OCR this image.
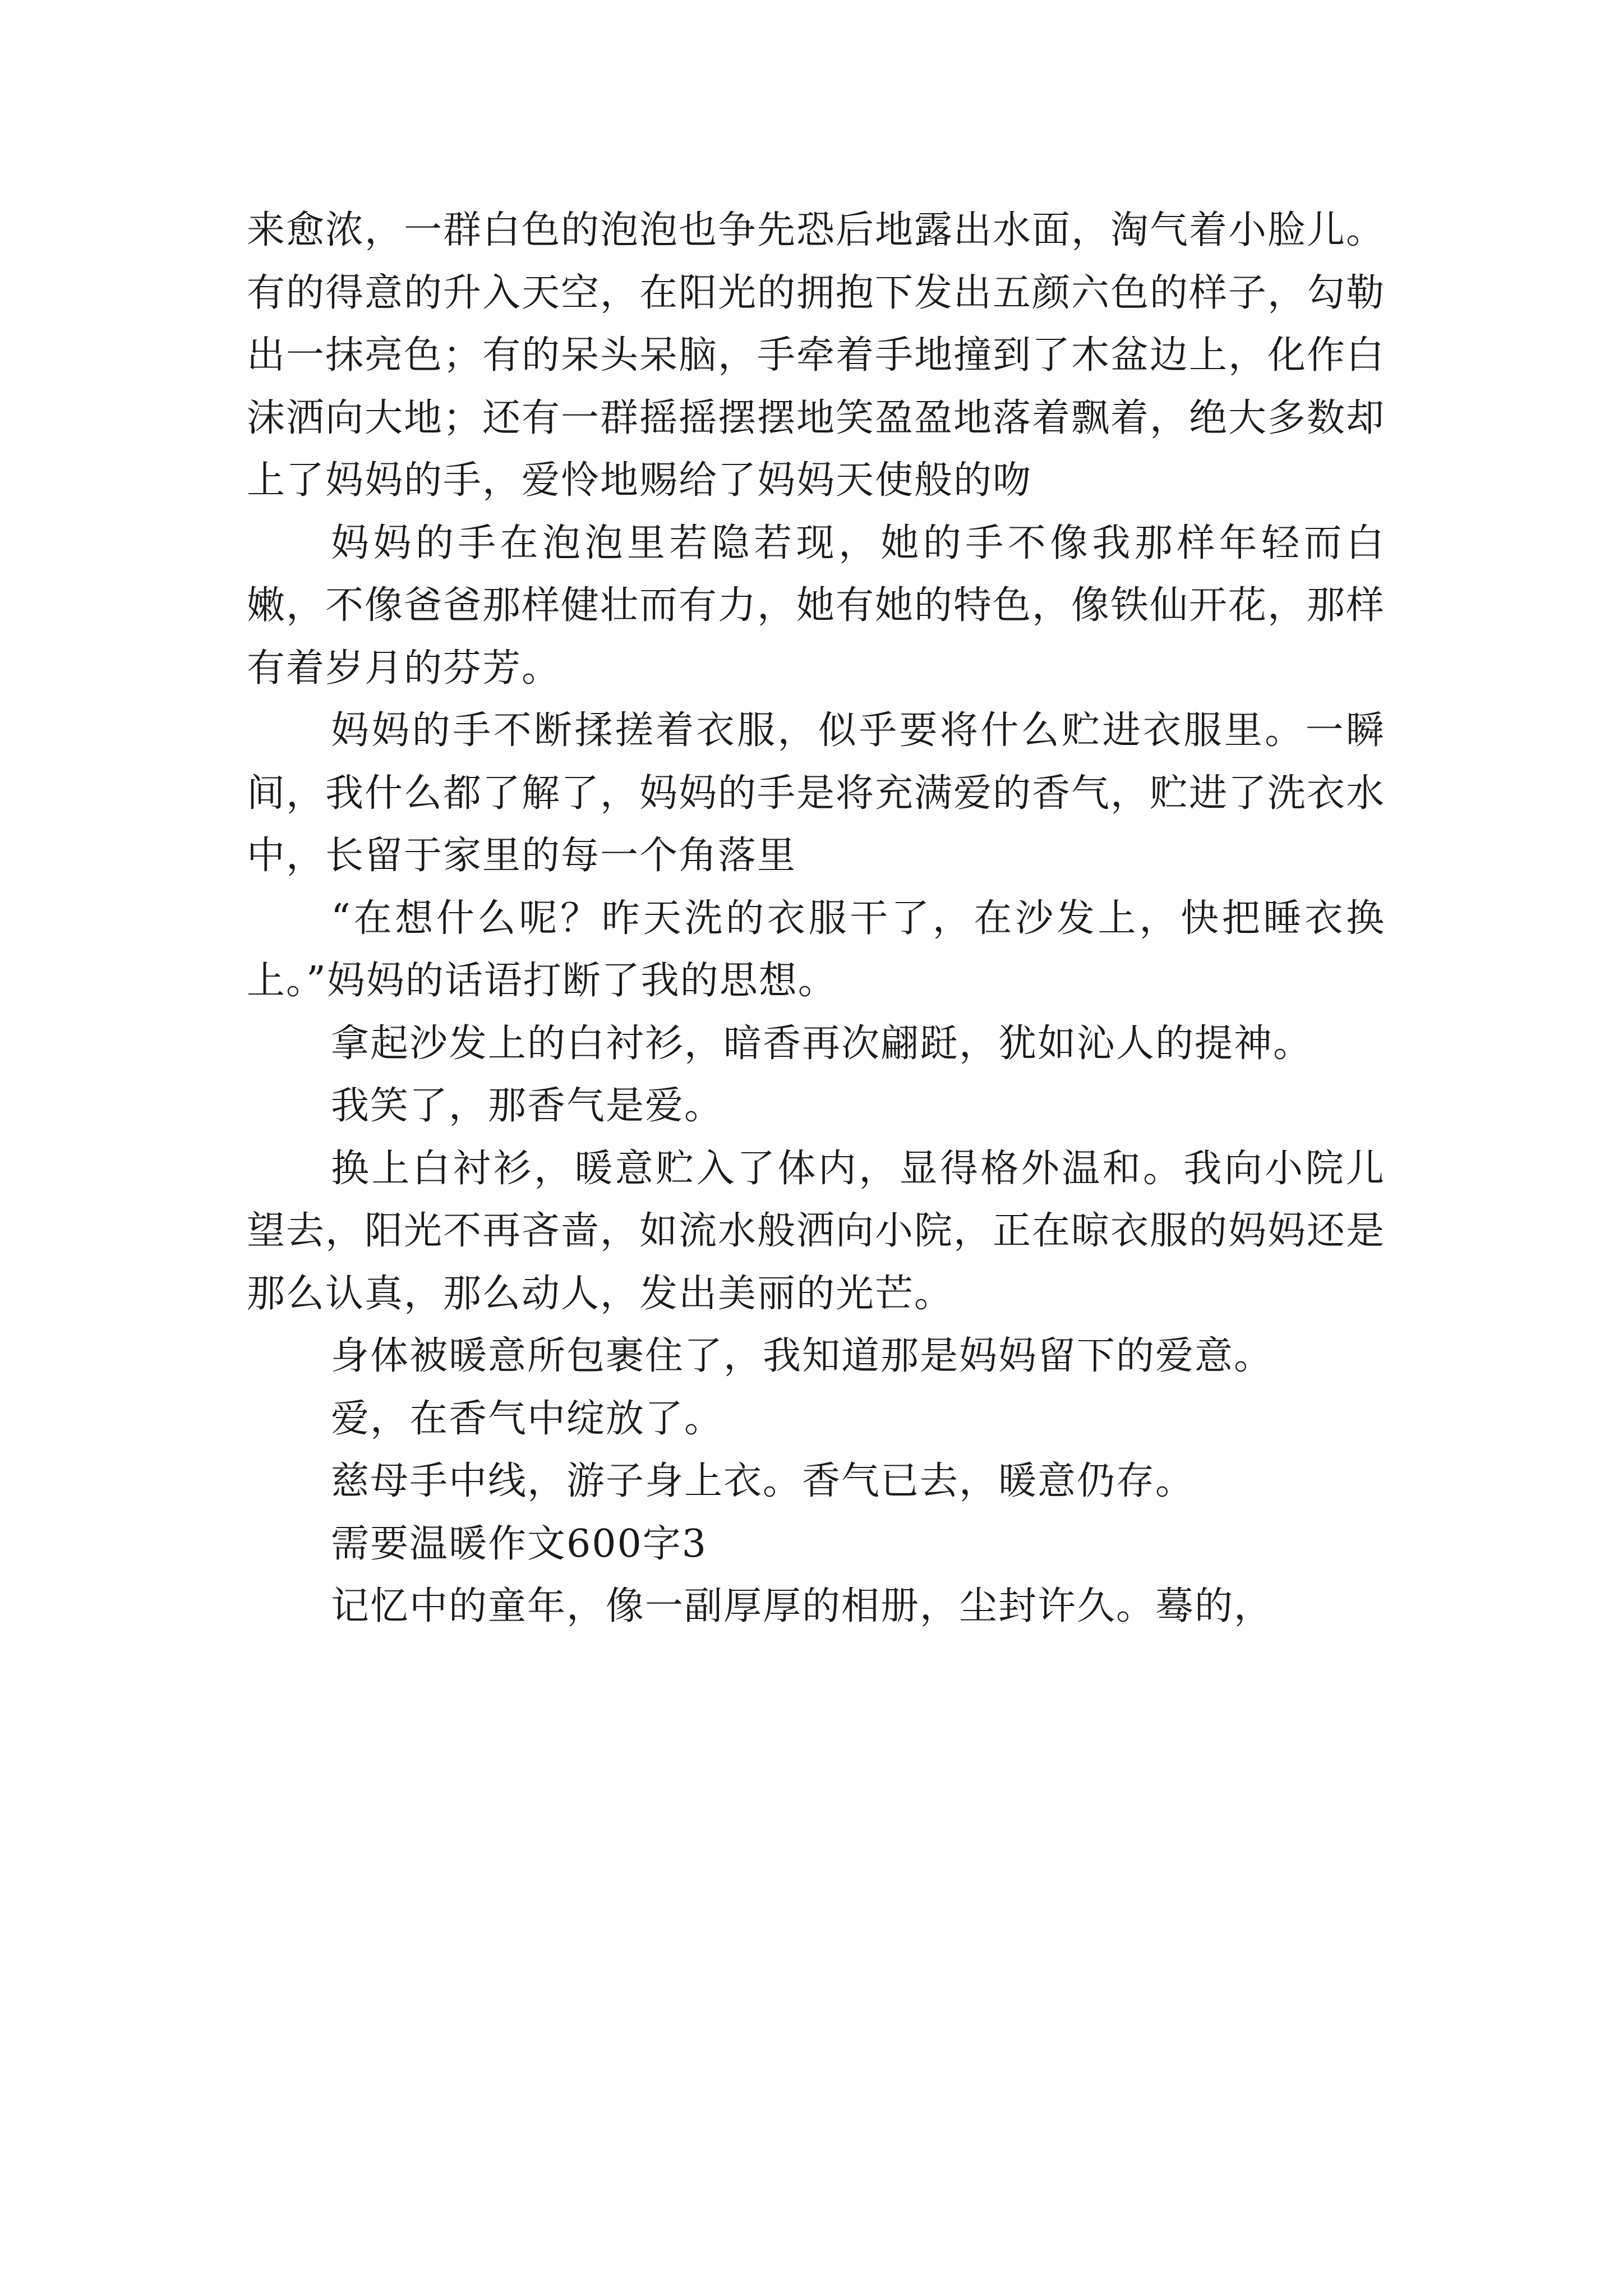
来愈浓，一群白色的泡泡也争先恐后地露出水面，淘气着小脸儿。有的得意的升入天空，在阳光的拥抱下发出五颜六色的样子，勾勒出一抹亮色；有的呆头呆脑，手牵着手地撞到了木盆边上，化作白沫洒向大地；还有一群摇摇摆摆地笑盈盈地落着飘着，绝大多数却上了妈妈的手，爱怜地赐给了妈妈天使般的吻

妈妈的手在泡泡里若隐若现，她的手不像我那样年轻而白嫩，不像爸爸那样健壮而有力，她有她的特色，像铁仙开花，那样有着岁月的芬芳。

妈妈的手不断揉搓着衣服，似乎要将什么贮进衣服里。一瞬间，我什么都了解了，妈妈的手是将充满爱的香气，贮进了洗衣水中，长留于家里的每一个角落里

“在想什么呢？昨天洗的衣服干了，在沙发上，快把睡衣换上。”妈妈的话语打断了我的思想。

拿起沙发上的白衬衫，暗香再次翩跹，犹如沁人的提神。

我笑了，那香气是爱。

换上白衬衫，暖意贮入了体内，显得格外温和。我向小院儿望去，阳光不再吝啬，如流水般洒向小院，正在晾衣服的妈妈还是那么认真，那么动人，发出美丽的光芒。

身体被暖意所包裹住了，我知道那是妈妈留下的爱意。

爱，在香气中绽放了。

慈母手中线，游子身上衣。香气已去，暖意仍存。

需要温暖作文600字3

记忆中的童年，像一副厚厚的相册，尘封许久。蓦的，
